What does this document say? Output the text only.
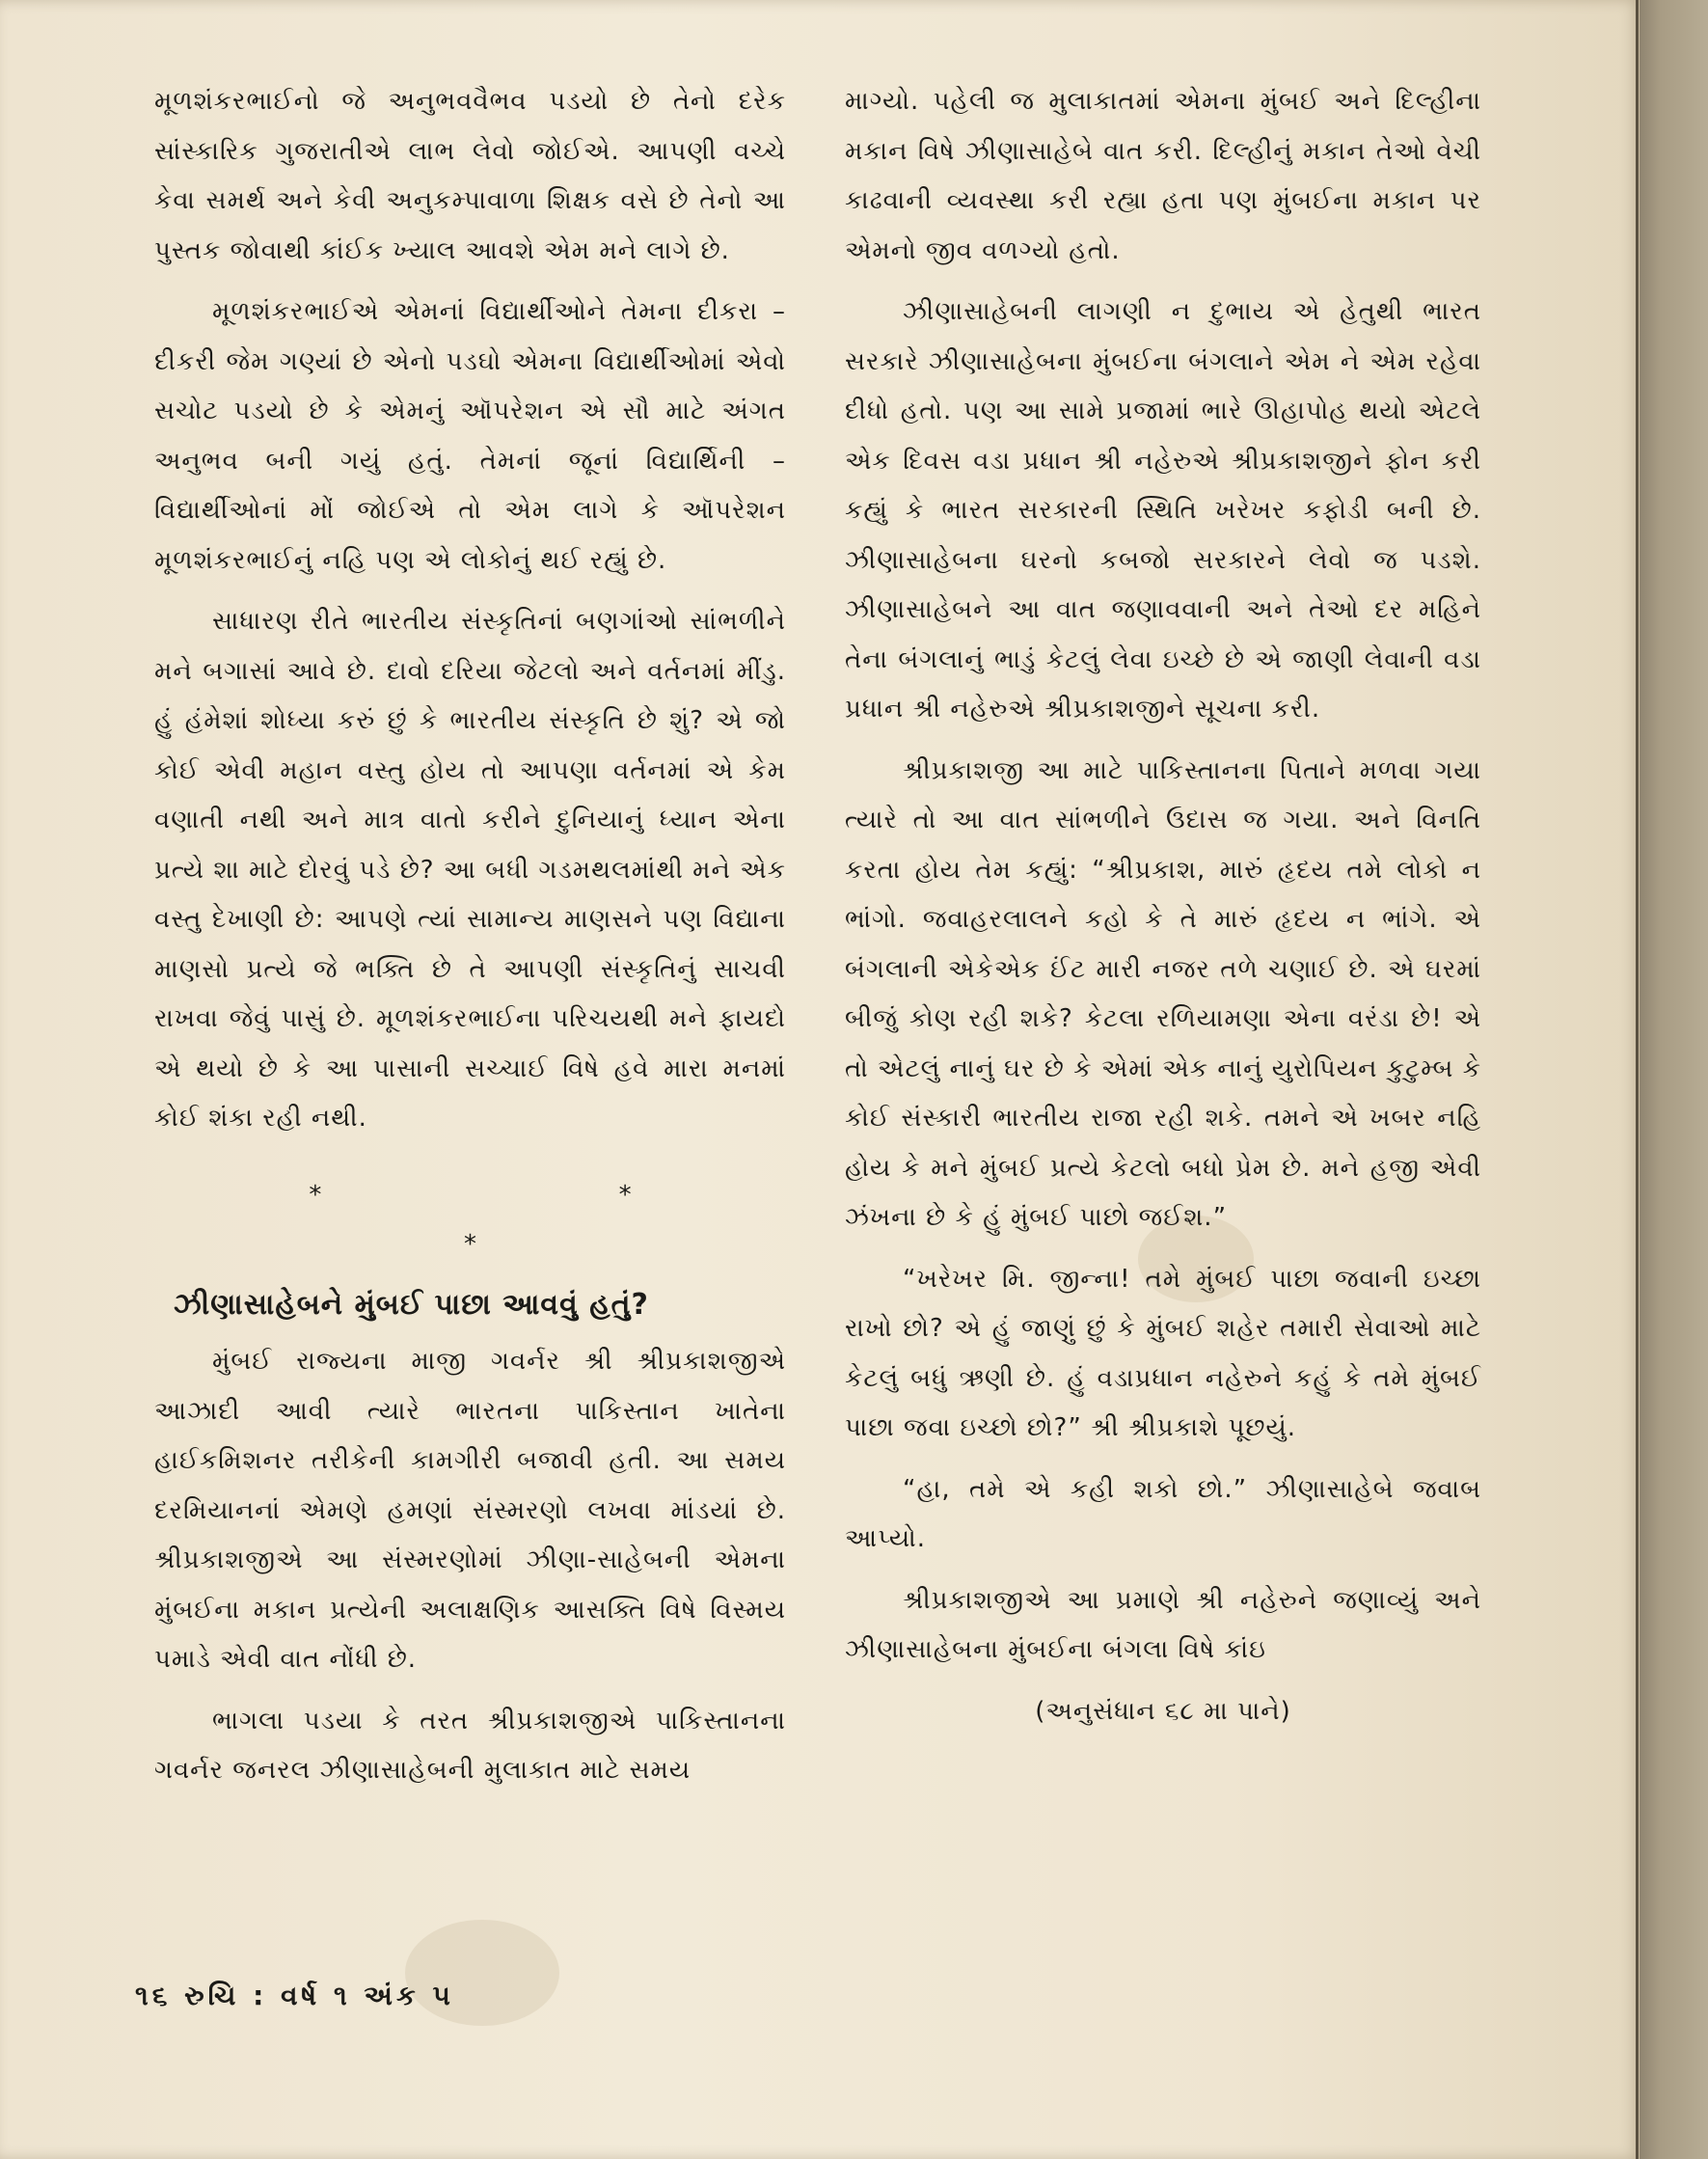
મૂળશંકરભાઈનો જે અનુભવવૈભવ પડયો છે તેનો દરેક સાંસ્કારિક ગુજરાતીએ લાભ લેવો જોઈએ. આપણી વચ્ચે કેવા સમર્થ અને કેવી અનુકમ્પાવાળા શિક્ષક વસે છે તેનો આ પુસ્તક જોવાથી કાંઈક ખ્યાલ આવશે એમ મને લાગે છે.

મૂળશંકરભાઈએ એમનાં વિદ્યાર્થીઓને તેમના દીકરા – દીકરી જેમ ગણ્યાં છે એનો પડઘો એમના વિદ્યાર્થીઓમાં એવો સચોટ પડયો છે કે એમનું ઑપરેશન એ સૌ માટે અંગત અનુભવ બની ગયું હતું. તેમનાં જૂનાં વિદ્યાર્થિની – વિદ્યાર્થીઓનાં મોં જોઈએ તો એમ લાગે કે ઑપરેશન મૂળશંકરભાઈનું નહિ પણ એ લોકોનું થઈ રહ્યું છે.

સાધારણ રીતે ભારતીય સંસ્કૃતિનાં બણગાંઓ સાંભળીને મને બગાસાં આવે છે. દાવો દરિયા જેટલો અને વર્તનમાં મીંડુ. હું હંમેશાં શોધ્યા કરું છું કે ભારતીય સંસ્કૃતિ છે શું? એ જો કોઈ એવી મહાન વસ્તુ હોય તો આપણા વર્તનમાં એ કેમ વણાતી નથી અને માત્ર વાતો કરીને દુનિયાનું ધ્યાન એના પ્રત્યે શા માટે દોરવું પડે છે? આ બધી ગડમથલમાંથી મને એક વસ્તુ દેખાણી છે: આપણે ત્યાં સામાન્ય માણસને પણ વિદ્યાના માણસો પ્રત્યે જે ભક્તિ છે તે આપણી સંસ્કૃતિનું સાચવી રાખવા જેવું પાસું છે. મૂળશંકરભાઈના પરિચયથી મને ફાયદો એ થયો છે કે આ પાસાની સચ્ચાઈ વિષે હવે મારા મનમાં કોઈ શંકા રહી નથી.

* * *
ઝીણાસાહેબને મુંબઈ પાછા આવવું હતું?

મુંબઈ રાજ્યના માજી ગવર્નર શ્રી શ્રીપ્રકાશજીએ આઝાદી આવી ત્યારે ભારતના પાકિસ્તાન ખાતેના હાઈકમિશનર તરીકેની કામગીરી બજાવી હતી. આ સમય દરમિયાનનાં એમણે હમણાં સંસ્મરણો લખવા માંડયાં છે. શ્રીપ્રકાશજીએ આ સંસ્મરણોમાં ઝીણા-સાહેબની એમના મુંબઈના મકાન પ્રત્યેની અલાક્ષણિક આસક્તિ વિષે વિસ્મય પમાડે એવી વાત નોંધી છે.

ભાગલા પડયા કે તરત શ્રીપ્રકાશજીએ પાકિસ્તાનના ગવર્નર જનરલ ઝીણાસાહેબની મુલાકાત માટે સમય

માગ્યો. પહેલી જ મુલાકાતમાં એમના મુંબઈ અને દિલ્હીના મકાન વિષે ઝીણાસાહેબે વાત કરી. દિલ્હીનું મકાન તેઓ વેચી કાઢવાની વ્યવસ્થા કરી રહ્યા હતા પણ મુંબઈના મકાન પર એમનો જીવ વળગ્યો હતો.

ઝીણાસાહેબની લાગણી ન દુભાય એ હેતુથી ભારત સરકારે ઝીણાસાહેબના મુંબઈના બંગલાને એમ ને એમ રહેવા દીધો હતો. પણ આ સામે પ્રજામાં ભારે ઊહાપોહ થયો એટલે એક દિવસ વડા પ્રધાન શ્રી નહેરુએ શ્રીપ્રકાશજીને ફોન કરી કહ્યું કે ભારત સરકારની સ્થિતિ ખરેખર કફોડી બની છે. ઝીણાસાહેબના ઘરનો કબજો સરકારને લેવો જ પડશે. ઝીણાસાહેબને આ વાત જણાવવાની અને તેઓ દર મહિને તેના બંગલાનું ભાડું કેટલું લેવા ઇચ્છે છે એ જાણી લેવાની વડા પ્રધાન શ્રી નહેરુએ શ્રીપ્રકાશજીને સૂચના કરી.

શ્રીપ્રકાશજી આ માટે પાકિસ્તાનના પિતાને મળવા ગયા ત્યારે તો આ વાત સાંભળીને ઉદાસ જ ગયા. અને વિનતિ કરતા હોય તેમ કહ્યું: “શ્રીપ્રકાશ, મારું હૃદય તમે લોકો ન ભાંગો. જવાહરલાલને કહો કે તે મારું હૃદય ન ભાંગે. એ બંગલાની એકેએક ઈંટ મારી નજર તળે ચણાઈ છે. એ ઘરમાં બીજું કોણ રહી શકે? કેટલા રળિયામણા એના વરંડા છે! એ તો એટલું નાનું ઘર છે કે એમાં એક નાનું યુરોપિયન કુટુમ્બ કે કોઈ સંસ્કારી ભારતીય રાજા રહી શકે. તમને એ ખબર નહિ હોય કે મને મુંબઈ પ્રત્યે કેટલો બધો પ્રેમ છે. મને હજી એવી ઝંખના છે કે હું મુંબઈ પાછો જઈશ.”

“ખરેખર મિ. જીન્ના! તમે મુંબઈ પાછા જવાની ઇચ્છા રાખો છો? એ હું જાણું છું કે મુંબઈ શહેર તમારી સેવાઓ માટે કેટલું બધું ઋણી છે. હું વડાપ્રધાન નહેરુને કહું કે તમે મુંબઈ પાછા જવા ઇચ્છો છો?” શ્રી શ્રીપ્રકાશે પૂછયું.

“હા, તમે એ કહી શકો છો.” ઝીણાસાહેબે જવાબ આપ્યો.

શ્રીપ્રકાશજીએ આ પ્રમાણે શ્રી નહેરુને જણાવ્યું અને ઝીણાસાહેબના મુંબઈના બંગલા વિષે કાંઇ

(અનુસંધાન ૬૮ મા પાને)
૧૬ રુચિ : વર્ષ ૧ અંક ૫
